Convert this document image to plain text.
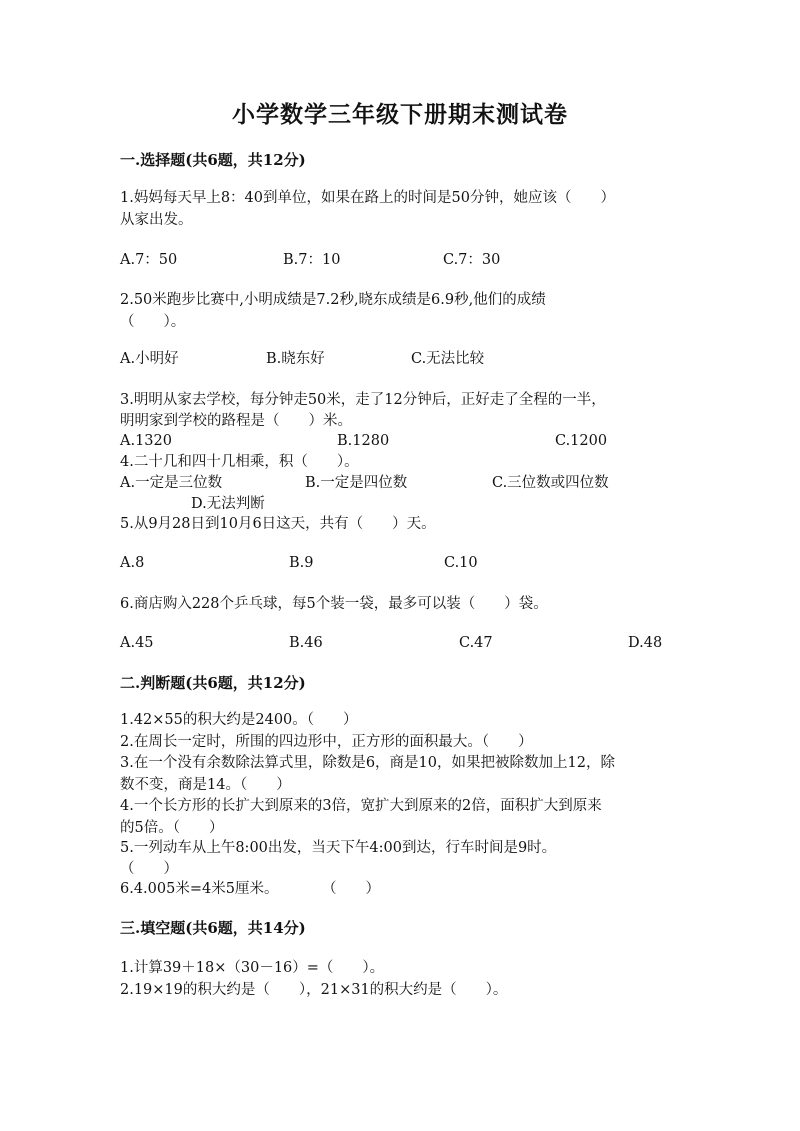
小学数学三年级下册期末测试卷
一.选择题(共6题，共12分)
1.妈妈每天早上8：40到单位，如果在路上的时间是50分钟，她应该（　　）
从家出发。
A.7：50	B.7：10	C.7：30
2.50米跑步比赛中,小明成绩是7.2秒,晓东成绩是6.9秒,他们的成绩
（　　）。
A.小明好	B.晓东好	C.无法比较
3.明明从家去学校，每分钟走50米，走了12分钟后，正好走了全程的一半，
明明家到学校的路程是（　　）米。
A.1320	B.1280	C.1200
4.二十几和四十几相乘，积（　　）。
A.一定是三位数	B.一定是四位数	C.三位数或四位数
D.无法判断
5.从9月28日到10月6日这天，共有（　　）天。
A.8	B.9	C.10
6.商店购入228个乒乓球，每5个装一袋，最多可以装（　　）袋。
A.45	B.46	C.47	D.48
二.判断题(共6题，共12分)
1.42×55的积大约是2400。（　　）
2.在周长一定时，所围的四边形中，正方形的面积最大。（　　）
3.在一个没有余数除法算式里，除数是6，商是10，如果把被除数加上12，除
数不变，商是14。（　　）
4.一个长方形的长扩大到原来的3倍，宽扩大到原来的2倍，面积扩大到原来
的5倍。（　　）
5.一列动车从上午8:00出发，当天下午4:00到达，行车时间是9时。
（　　）
6.4.005米=4米5厘米。　　　　（　　）
三.填空题(共6题，共14分)
1.计算39＋18×（30－16）=（　　）。
2.19×19的积大约是（　　），21×31的积大约是（　　）。
